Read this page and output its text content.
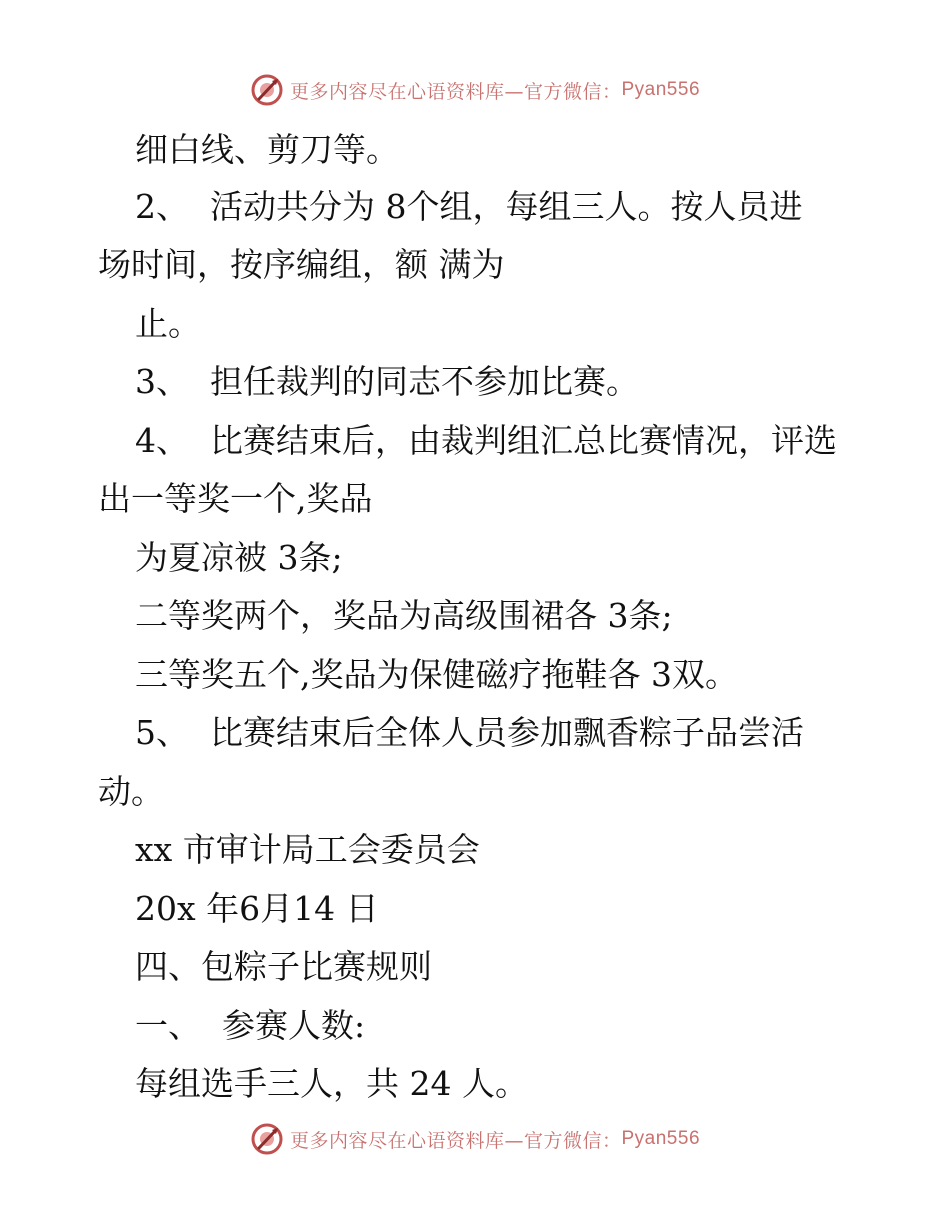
更多内容尽在心语资料库—官方微信： Pyan556
细白线、剪刀等。
2、  活动共分为 8个组，每组三人。按人员进
场时间，按序编组，额 满为
止。
3、  担任裁判的同志不参加比赛。
4、  比赛结束后，由裁判组汇总比赛情况，评选
出一等奖一个,奖品
为夏凉被 3条;
二等奖两个，奖品为高级围裙各 3条;
三等奖五个,奖品为保健磁疗拖鞋各 3双。
5、  比赛结束后全体人员参加飘香粽子品尝活
动。
xx 市审计局工会委员会
20x 年6月14 日
四、包粽子比赛规则
一、  参赛人数:
每组选手三人，共 24 人。
更多内容尽在心语资料库—官方微信： Pyan556
